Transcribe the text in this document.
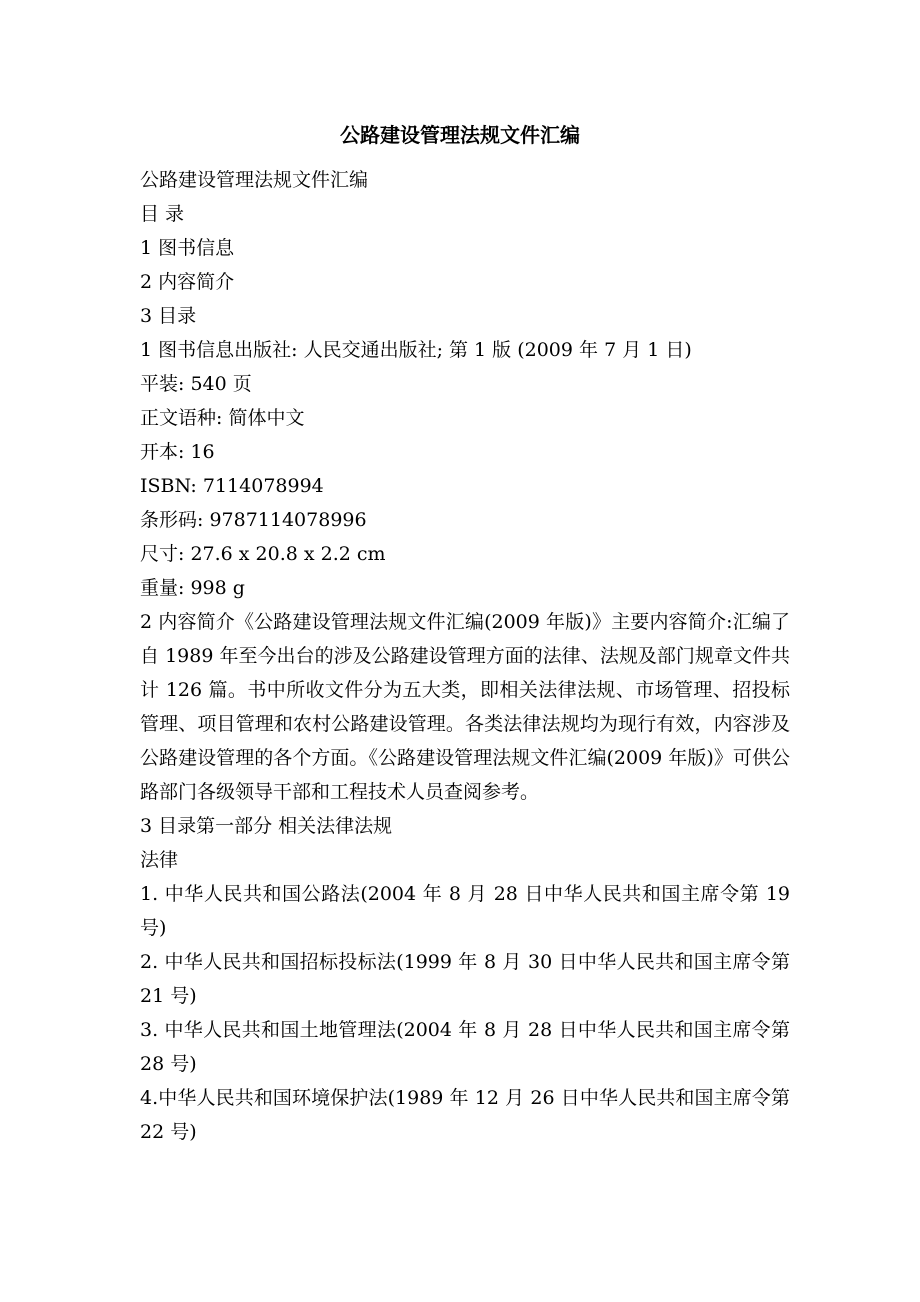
公路建设管理法规文件汇编
公路建设管理法规文件汇编
目 录
1 图书信息
2 内容简介
3 目录
1 图书信息出版社: 人民交通出版社; 第 1 版 (2009 年 7 月 1 日)
平装: 540 页
正文语种: 简体中文
开本: 16
ISBN: 7114078994
条形码: 9787114078996
尺寸: 27.6 x 20.8 x 2.2 cm
重量: 998 g
2 内容简介《公路建设管理法规文件汇编(2009 年版)》主要内容简介:汇编了自 1989 年至今出台的涉及公路建设管理方面的法律、法规及部门规章文件共计 126 篇。书中所收文件分为五大类，即相关法律法规、市场管理、招投标管理、项目管理和农村公路建设管理。各类法律法规均为现行有效，内容涉及公路建设管理的各个方面。《公路建设管理法规文件汇编(2009 年版)》可供公路部门各级领导干部和工程技术人员查阅参考。
3 目录第一部分 相关法律法规
法律
1. 中华人民共和国公路法(2004 年 8 月 28 日中华人民共和国主席令第 19 号)
2. 中华人民共和国招标投标法(1999 年 8 月 30 日中华人民共和国主席令第 21 号)
3. 中华人民共和国土地管理法(2004 年 8 月 28 日中华人民共和国主席令第 28 号)
4.中华人民共和国环境保护法(1989 年 12 月 26 日中华人民共和国主席令第 22 号)
